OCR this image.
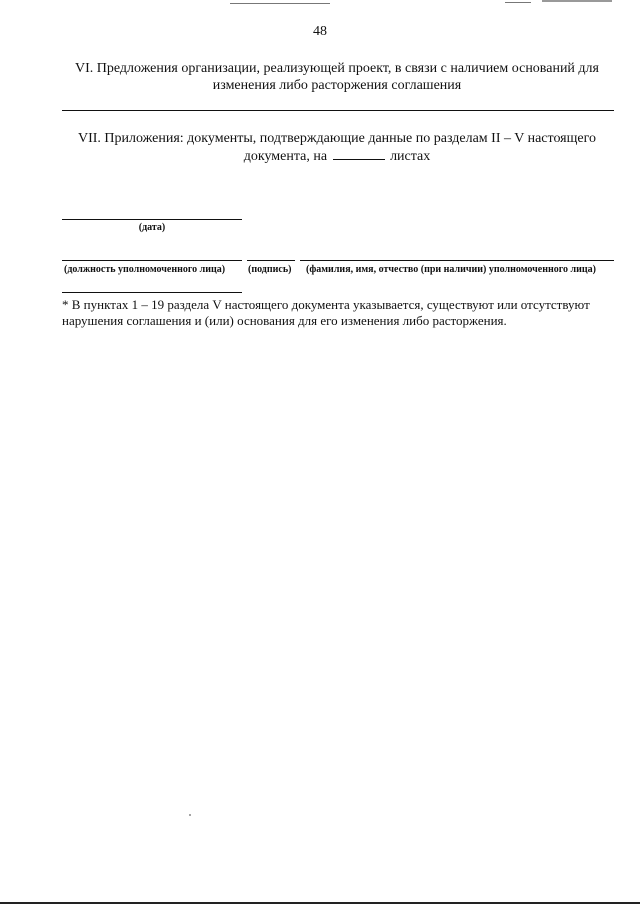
48
VI. Предложения организации, реализующей проект, в связи с наличием оснований для
изменения либо расторжения соглашения
VII. Приложения: документы, подтверждающие данные по разделам II – V настоящего
документа, на	листах
(дата)
(должность уполномоченного лица) (подпись) (фамилия, имя, отчество (при наличии) уполномоченного лица)
* В пунктах 1 – 19 раздела V настоящего документа указывается, существуют или отсутствуют
нарушения соглашения и (или) основания для его изменения либо расторжения.
